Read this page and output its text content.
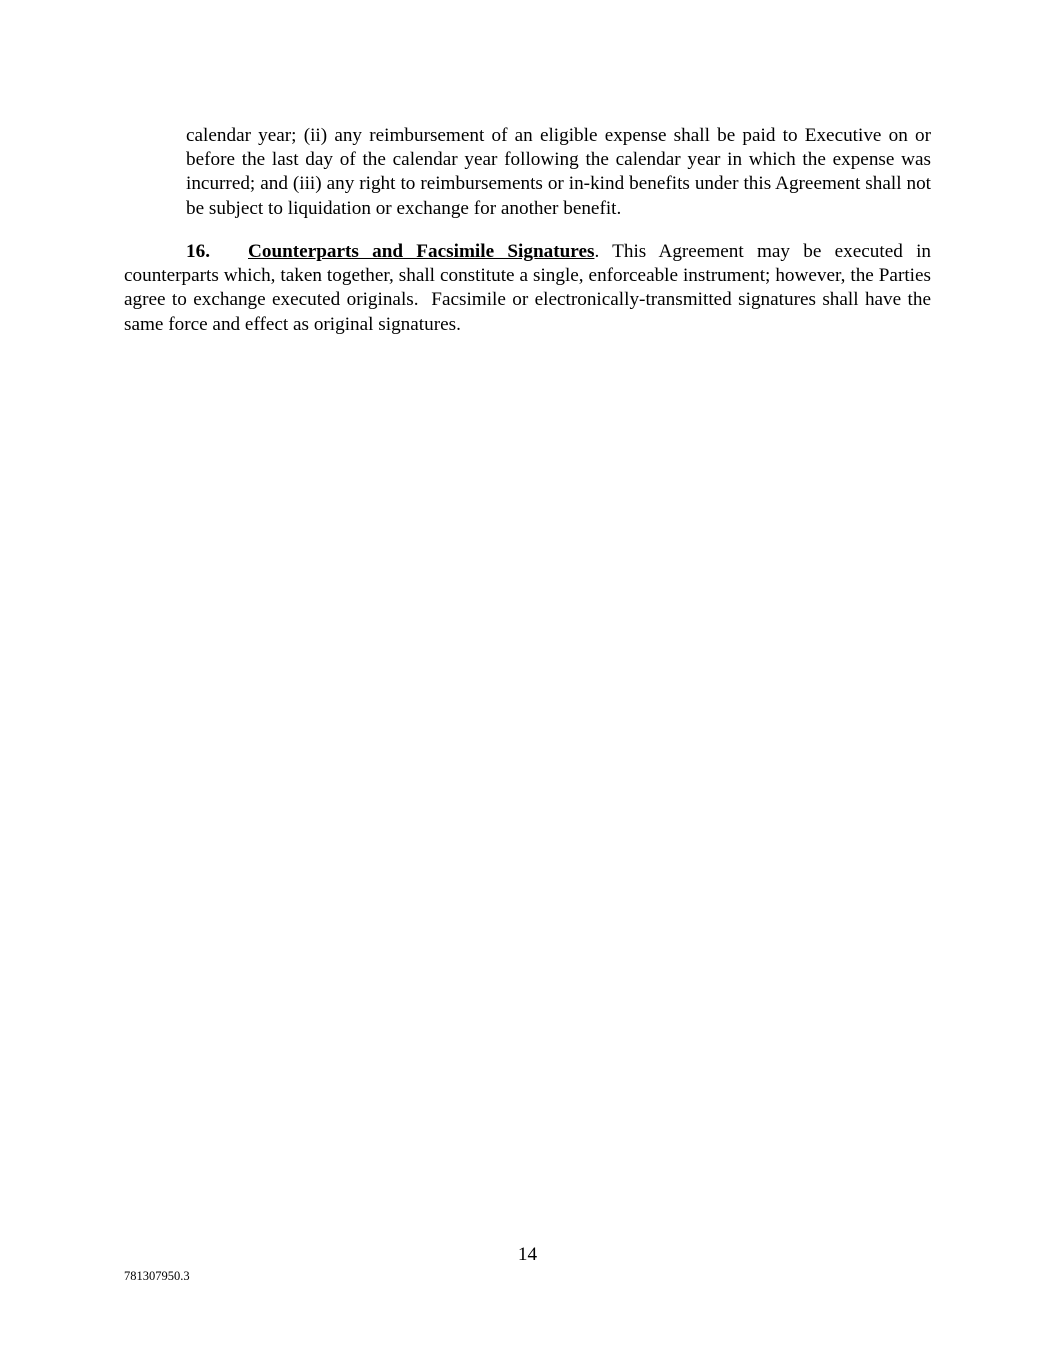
calendar year; (ii) any reimbursement of an eligible expense shall be paid to Executive on or before the last day of the calendar year following the calendar year in which the expense was incurred; and (iii) any right to reimbursements or in-kind benefits under this Agreement shall not be subject to liquidation or exchange for another benefit.

16. Counterparts and Facsimile Signatures. This Agreement may be executed in counterparts which, taken together, shall constitute a single, enforceable instrument; however, the Parties agree to exchange executed originals.  Facsimile or electronically-transmitted signatures shall have the same force and effect as original signatures.

14
781307950.3
